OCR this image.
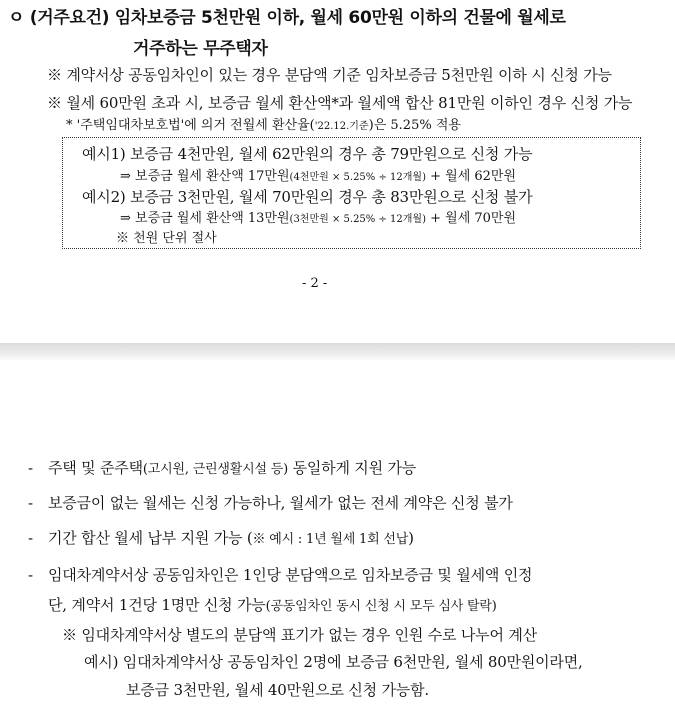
ㅇ (거주요건) 임차보증금 5천만원 이하, 월세 60만원 이하의 건물에 월세로
거주하는 무주택자
※ 계약서상 공동임차인이 있는 경우 분담액 기준 임차보증금 5천만원 이하 시 신청 가능
※ 월세 60만원 초과 시, 보증금 월세 환산액*과 월세액 합산 81만원 이하인 경우 신청 가능
* '주택임대차보호법'에 의거 전월세 환산율('22.12.기준)은 5.25% 적용
예시1) 보증금 4천만원, 월세 62만원의 경우 총 79만원으로 신청 가능
⇒ 보증금 월세 환산액 17만원(4천만원 × 5.25% ÷ 12개월) + 월세 62만원
예시2) 보증금 3천만원, 월세 70만원의 경우 총 83만원으로 신청 불가
⇒ 보증금 월세 환산액 13만원(3천만원 × 5.25% ÷ 12개월) + 월세 70만원
※ 천원 단위 절사
- 2 -
- 주택 및 준주택(고시원, 근린생활시설 등) 동일하게 지원 가능
- 보증금이 없는 월세는 신청 가능하나, 월세가 없는 전세 계약은 신청 불가
- 기간 합산 월세 납부 지원 가능 (※ 예시 : 1년 월세 1회 선납)
- 임대차계약서상 공동임차인은 1인당 분담액으로 임차보증금 및 월세액 인정
단, 계약서 1건당 1명만 신청 가능(공동임차인 동시 신청 시 모두 심사 탈락)
※ 임대차계약서상 별도의 분담액 표기가 없는 경우 인원 수로 나누어 계산
예시) 임대차계약서상 공동임차인 2명에 보증금 6천만원, 월세 80만원이라면,
보증금 3천만원, 월세 40만원으로 신청 가능함.
